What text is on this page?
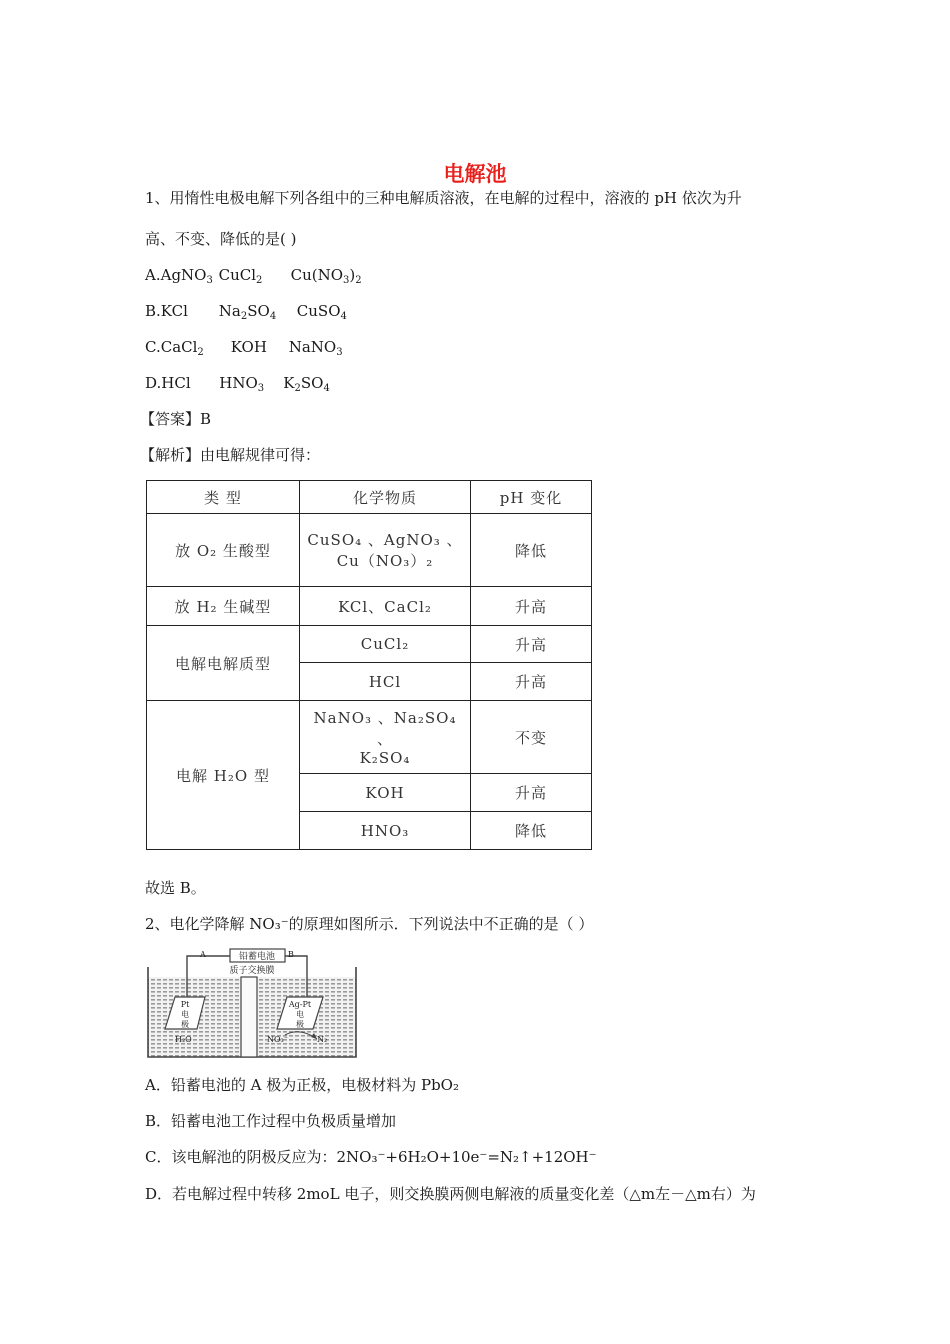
电解池
1、用惰性电极电解下列各组中的三种电解质溶液，在电解的过程中，溶液的 pH 依次为升
高、不变、降低的是( )
A.AgNO$_3$ CuCl$_2$ $Cu(NO_3)_2$
B.KCl $Na_2SO_4$ CuSO$_4$
C.CaCl$_2$ KOH NaNO$_3$
D.HCl $HNO_3$ $K_2SO_4$
【答案】B
【解析】由电解规律可得：
类 型	化学物质	pH 变化
放 O₂ 生酸型	CuSO₄ 、AgNO₃ 、
Cu（NO₃）₂	降低
放 H₂ 生碱型	KCl、CaCl₂	升高
电解电解质型	CuCl₂	升高
	HCl	升高
电解 H₂O 型	NaNO₃ 、Na₂SO₄ 、
K₂SO₄	不变
	KOH	升高
	HNO₃	降低
故选 B。
2、电化学降解 NO₃⁻的原理如图所示．下列说法中不正确的是（ ）
铅蓄电池
A	B
质子交换膜
Pt
电
极
H₂O
Ag-Pt
电
极
NO₃⁻	N₂
A．铅蓄电池的 A 极为正极，电极材料为 PbO₂
B．铅蓄电池工作过程中负极质量增加
C．该电解池的阴极反应为：2NO₃⁻+6H₂O+10e⁻=N₂↑+12OH⁻
D．若电解过程中转移 2moL 电子，则交换膜两侧电解液的质量变化差（△m左－△m右）为
